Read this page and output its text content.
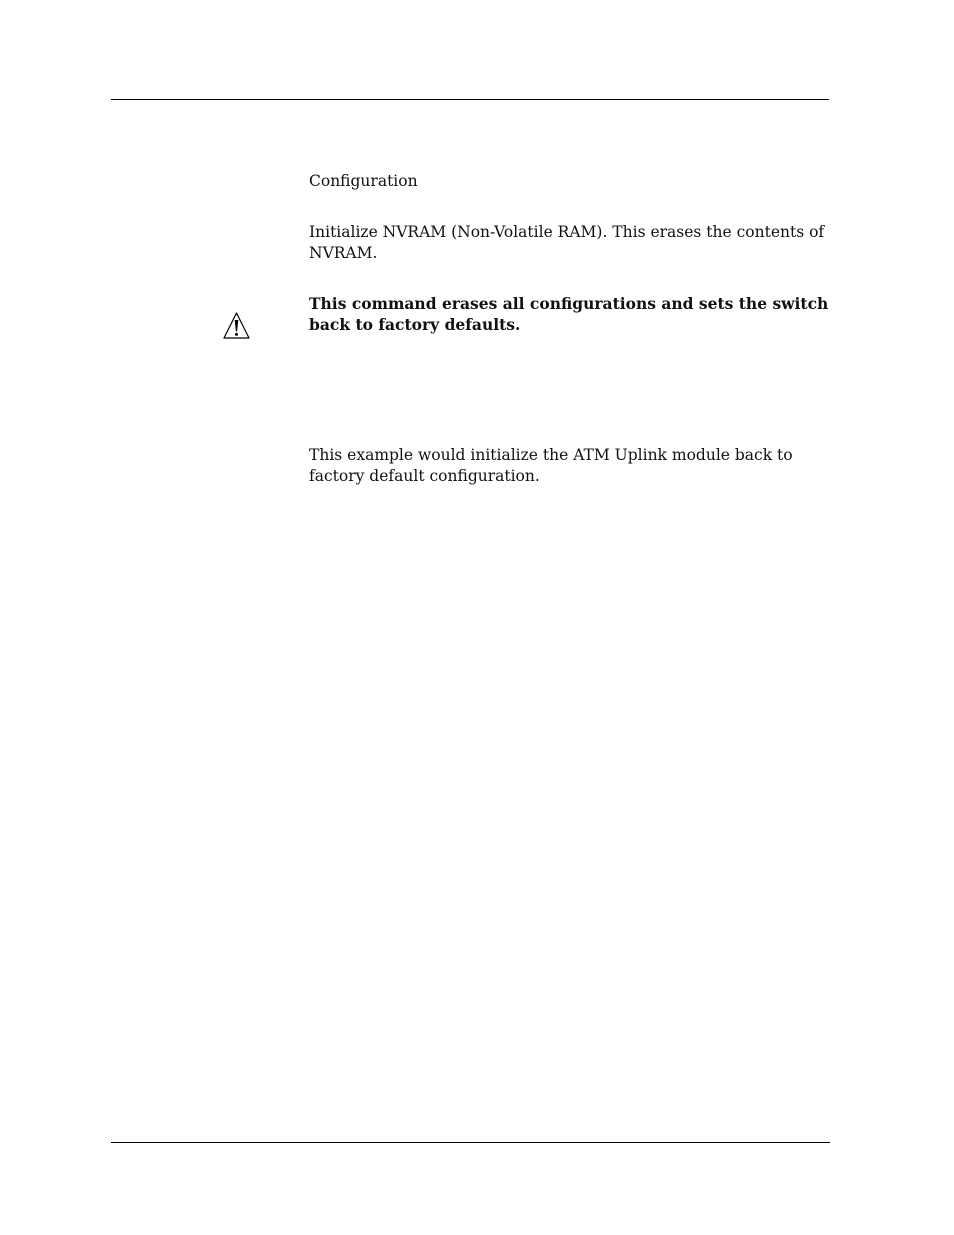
Configuration

Initialize NVRAM (Non-Volatile RAM). This erases the contents of NVRAM.

This command erases all configurations and sets the switch back to factory defaults.

This example would initialize the ATM Uplink module back to factory default configuration.
